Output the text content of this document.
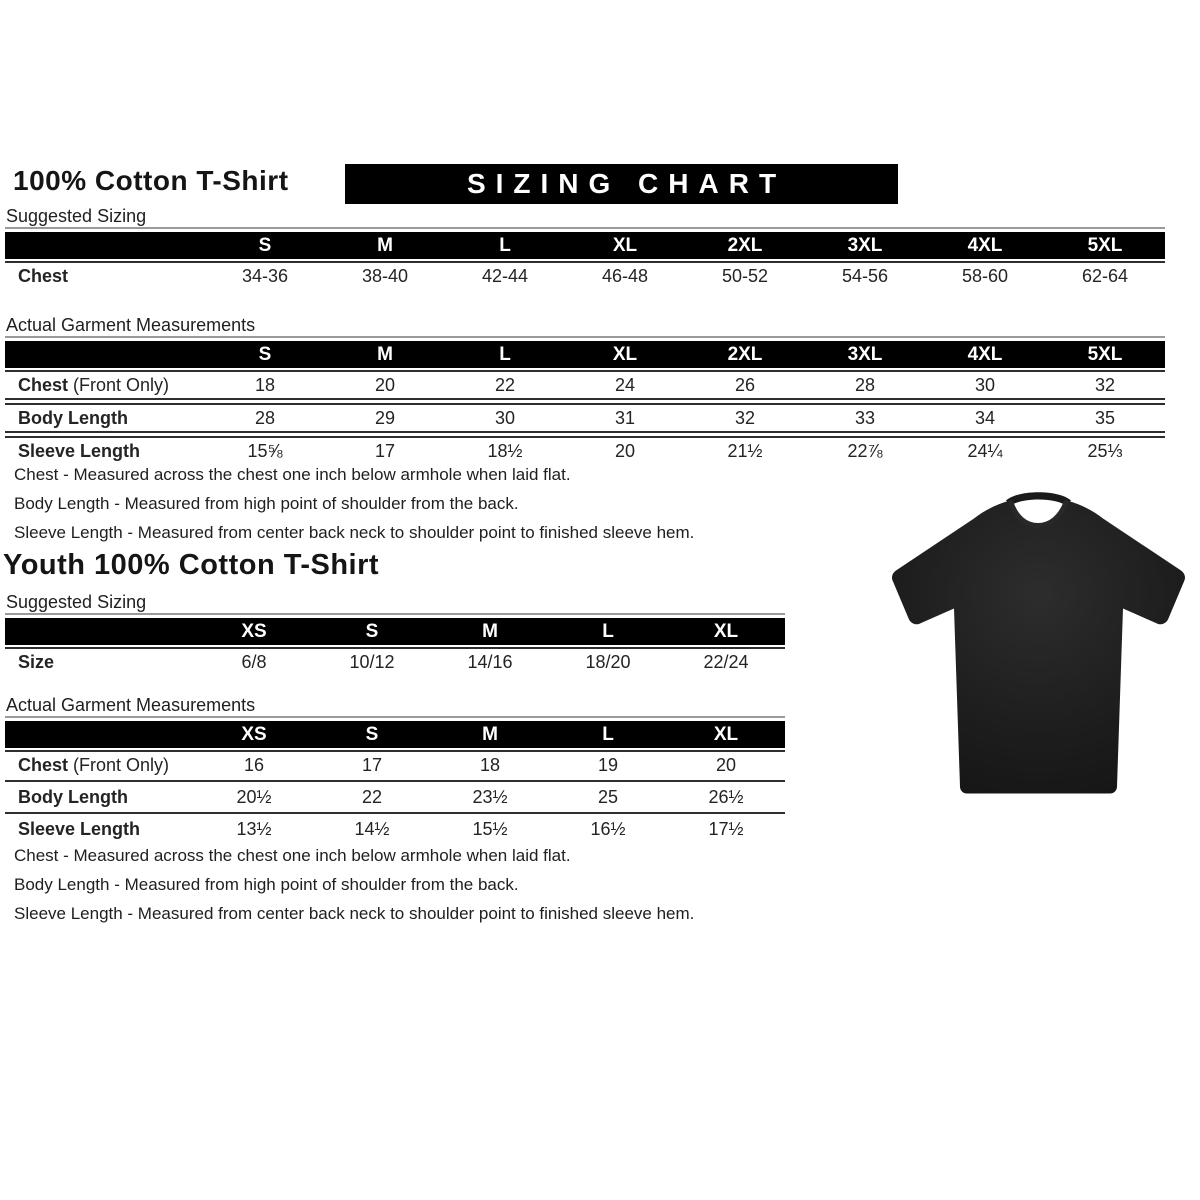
100% Cotton T-Shirt	SIZING CHART
Suggested Sizing
	S	M	L	XL	2XL	3XL	4XL	5XL

Chest	34-36	38-40	42-44	46-48	50-52	54-56	58-60	62-64
Actual Garment Measurements
	S	M	L	XL	2XL	3XL	4XL	5XL

Chest (Front Only)	18	20	22	24	26	28	30	32

Body Length	28	29	30	31	32	33	34	35

Sleeve Length	15⅝	17	18½	20	21½	22⅞	24¼	25⅓

Chest - Measured across the chest one inch below armhole when laid flat.

Body Length - Measured from high point of shoulder from the back.

Sleeve Length - Measured from center back neck to shoulder point to finished sleeve hem.

Youth 100% Cotton T-Shirt
Suggested Sizing
	XS	S	M	L	XL

Size	6/8	10/12	14/16	18/20	22/24
Actual Garment Measurements
	XS	S	M	L	XL

Chest (Front Only)	16	17	18	19	20

Body Length	20½	22	23½	25	26½

Sleeve Length	13½	14½	15½	16½	17½

Chest - Measured across the chest one inch below armhole when laid flat.

Body Length - Measured from high point of shoulder from the back.

Sleeve Length - Measured from center back neck to shoulder point to finished sleeve hem.
